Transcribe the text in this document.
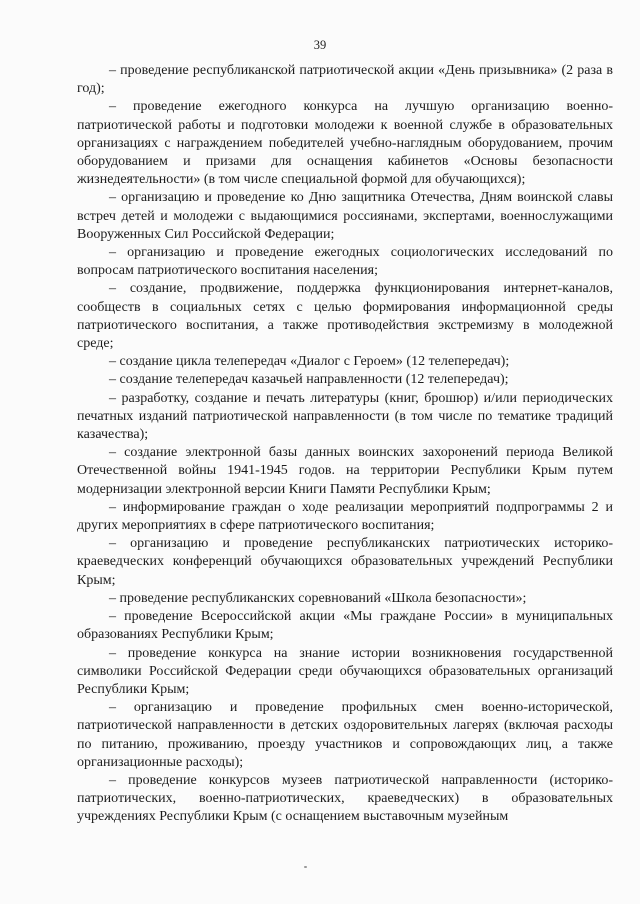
39

– проведение республиканской патриотической акции «День призывника» (2 раза в год);

– проведение ежегодного конкурса на лучшую организацию военно-патриотической работы и подготовки молодежи к военной службе в образовательных организациях с награждением победителей учебно-наглядным оборудованием, прочим оборудованием и призами для оснащения кабинетов «Основы безопасности жизнедеятельности» (в том числе специальной формой для обучающихся);

– организацию и проведение ко Дню защитника Отечества, Дням воинской славы встреч детей и молодежи с выдающимися россиянами, экспертами, военнослужащими Вооруженных Сил Российской Федерации;

– организацию и проведение ежегодных социологических исследований по вопросам патриотического воспитания населения;

– создание, продвижение, поддержка функционирования интернет-каналов, сообществ в социальных сетях с целью формирования информационной среды патриотического воспитания, а также противодействия экстремизму в молодежной среде;

– создание цикла телепередач «Диалог с Героем» (12 телепередач);

– создание телепередач казачьей направленности (12 телепередач);

– разработку, создание и печать литературы (книг, брошюр) и/или периодических печатных изданий патриотической направленности (в том числе по тематике традиций казачества);

– создание электронной базы данных воинских захоронений периода Великой Отечественной войны 1941-1945 годов. на территории Республики Крым путем модернизации электронной версии Книги Памяти Республики Крым;

– информирование граждан о ходе реализации мероприятий подпрограммы 2 и других мероприятиях в сфере патриотического воспитания;

– организацию и проведение республиканских патриотических историко-краеведческих конференций обучающихся образовательных учреждений Республики Крым;

– проведение республиканских соревнований «Школа безопасности»;

– проведение Всероссийской акции «Мы граждане России» в муниципальных образованиях Республики Крым;

– проведение конкурса на знание истории возникновения государственной символики Российской Федерации среди обучающихся образовательных организаций Республики Крым;

– организацию и проведение профильных смен военно-исторической, патриотической направленности в детских оздоровительных лагерях (включая расходы по питанию, проживанию, проезду участников и сопровождающих лиц, а также организационные расходы);

– проведение конкурсов музеев патриотической направленности (историко-патриотических, военно-патриотических, краеведческих) в образовательных учреждениях Республики Крым (с оснащением выставочным музейным
